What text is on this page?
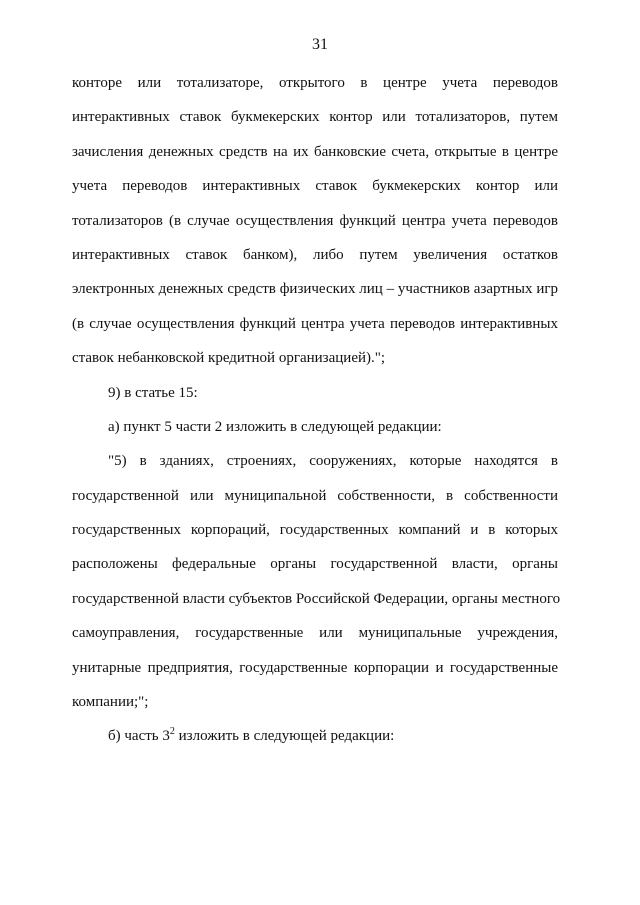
31
конторе или тотализаторе, открытого в центре учета переводов
интерактивных ставок букмекерских контор или тотализаторов, путем
зачисления денежных средств на их банковские счета, открытые в центре
учета переводов интерактивных ставок букмекерских контор или
тотализаторов (в случае осуществления функций центра учета переводов
интерактивных ставок банком), либо путем увеличения остатков
электронных денежных средств физических лиц – участников азартных игр
(в случае осуществления функций центра учета переводов интерактивных
ставок небанковской кредитной организацией).";
9) в статье 15:
а) пункт 5 части 2 изложить в следующей редакции:
"5) в зданиях, строениях, сооружениях, которые находятся в
государственной или муниципальной собственности, в собственности
государственных корпораций, государственных компаний и в которых
расположены федеральные органы государственной власти, органы
государственной власти субъектов Российской Федерации, органы местного
самоуправления, государственные или муниципальные учреждения,
унитарные предприятия, государственные корпорации и государственные
компании;";
б) часть $3^2$ изложить в следующей редакции:
